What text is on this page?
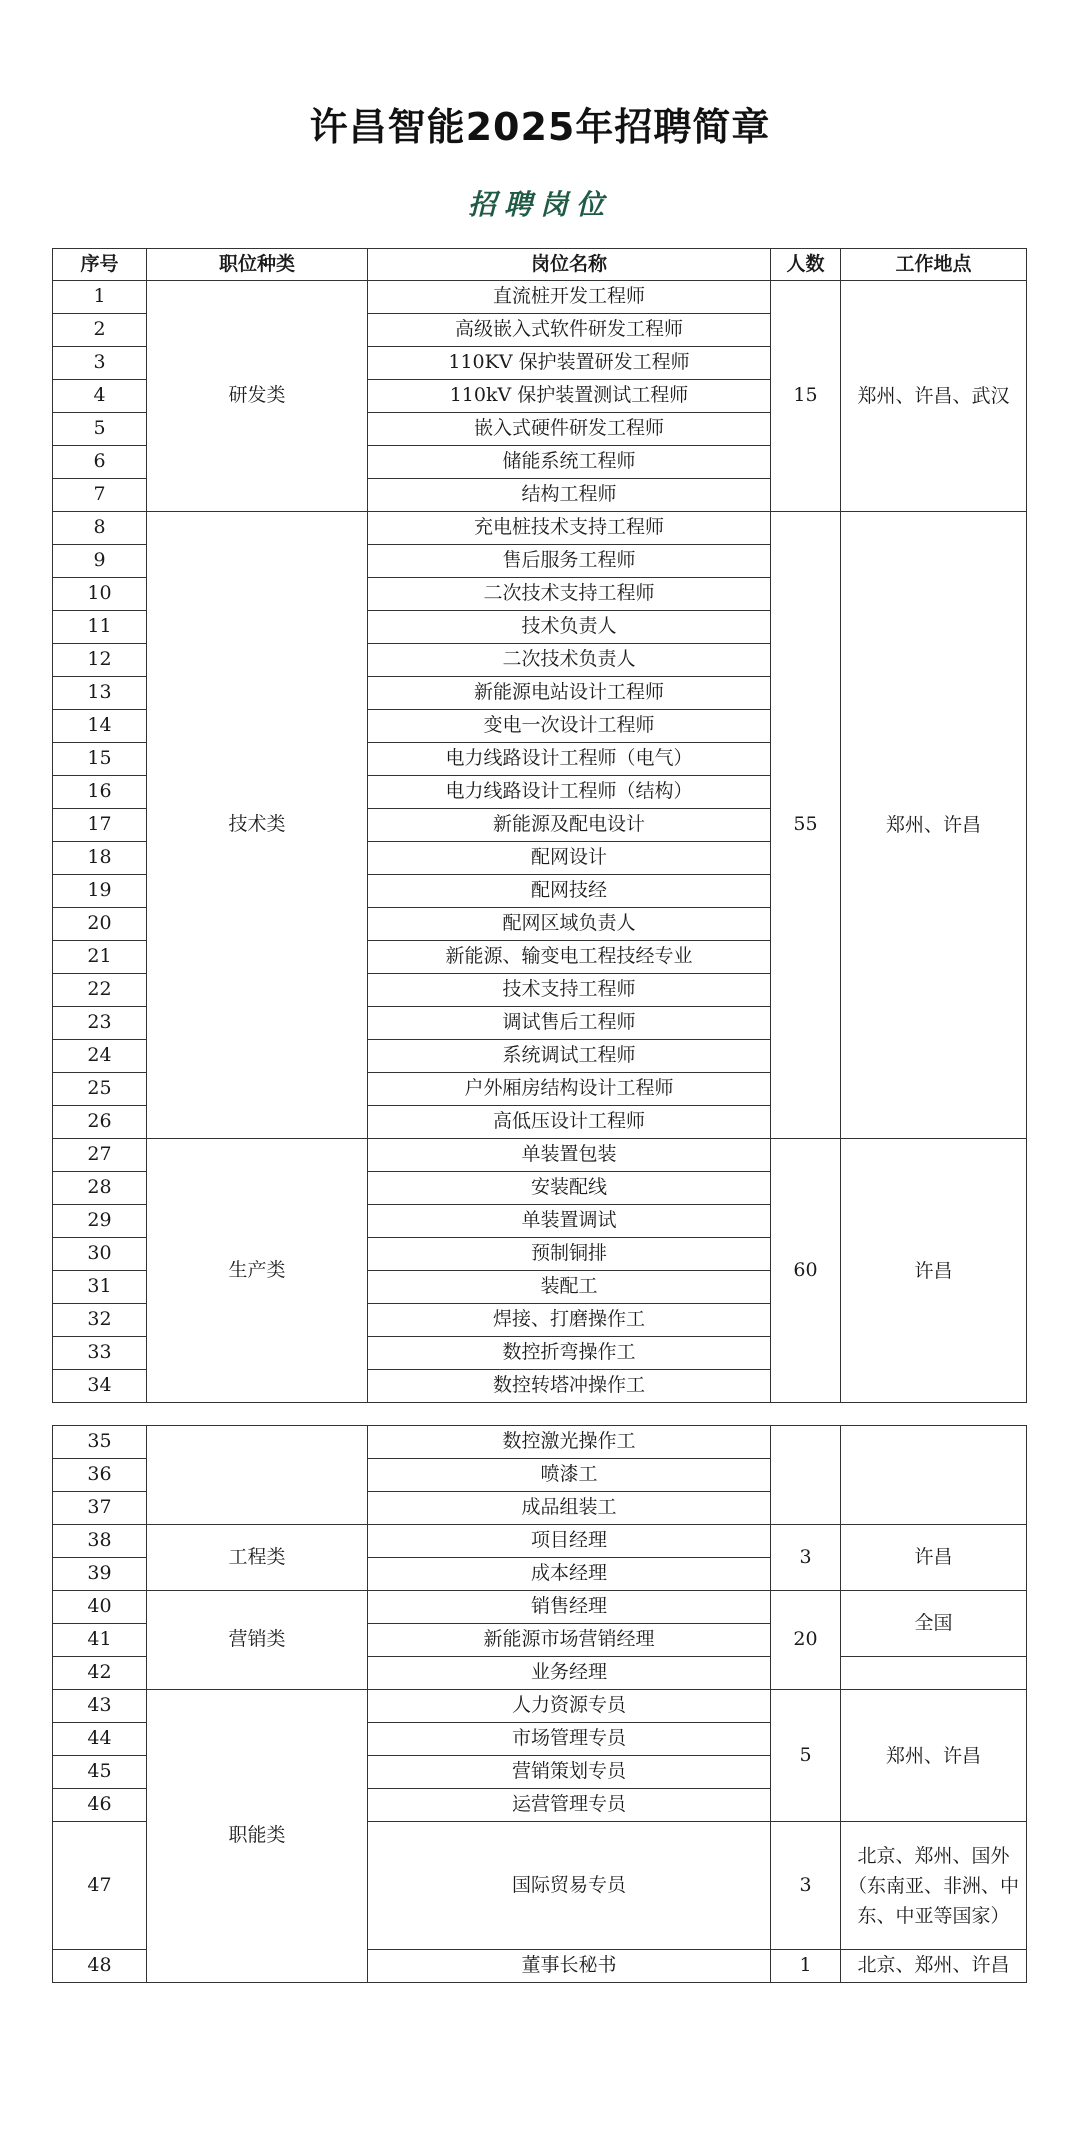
许昌智能2025年招聘简章
招聘岗位
序号	职位种类	岗位名称	人数	工作地点
1	研发类	直流桩开发工程师	15	郑州、许昌、武汉
2		高级嵌入式软件研发工程师		
3		110KV 保护装置研发工程师		
4		110kV 保护装置测试工程师		
5		嵌入式硬件研发工程师		
6		储能系统工程师		
7		结构工程师		
8	技术类	充电桩技术支持工程师	55	郑州、许昌
9		售后服务工程师		
10		二次技术支持工程师		
11		技术负责人		
12		二次技术负责人		
13		新能源电站设计工程师		
14		变电一次设计工程师		
15		电力线路设计工程师（电气）		
16		电力线路设计工程师（结构）		
17		新能源及配电设计		
18		配网设计		
19		配网技经		
20		配网区域负责人		
21		新能源、输变电工程技经专业		
22		技术支持工程师		
23		调试售后工程师		
24		系统调试工程师		
25		户外厢房结构设计工程师		
26		高低压设计工程师		
27	生产类	单装置包装	60	许昌
28		安装配线		
29		单装置调试		
30		预制铜排		
31		装配工		
32		焊接、打磨操作工		
33		数控折弯操作工		
34		数控转塔冲操作工		
35		数控激光操作工		
36		喷漆工		
37		成品组装工		
38	工程类	项目经理	3	许昌
39		成本经理		
40	营销类	销售经理	20	全国
41		新能源市场营销经理		
42		业务经理		
43	职能类	人力资源专员	5	郑州、许昌
44		市场管理专员		
45		营销策划专员		
46		运营管理专员		
47		国际贸易专员	3	北京、郑州、国外（东南亚、非洲、中东、中亚等国家）
48		董事长秘书	1	北京、郑州、许昌
